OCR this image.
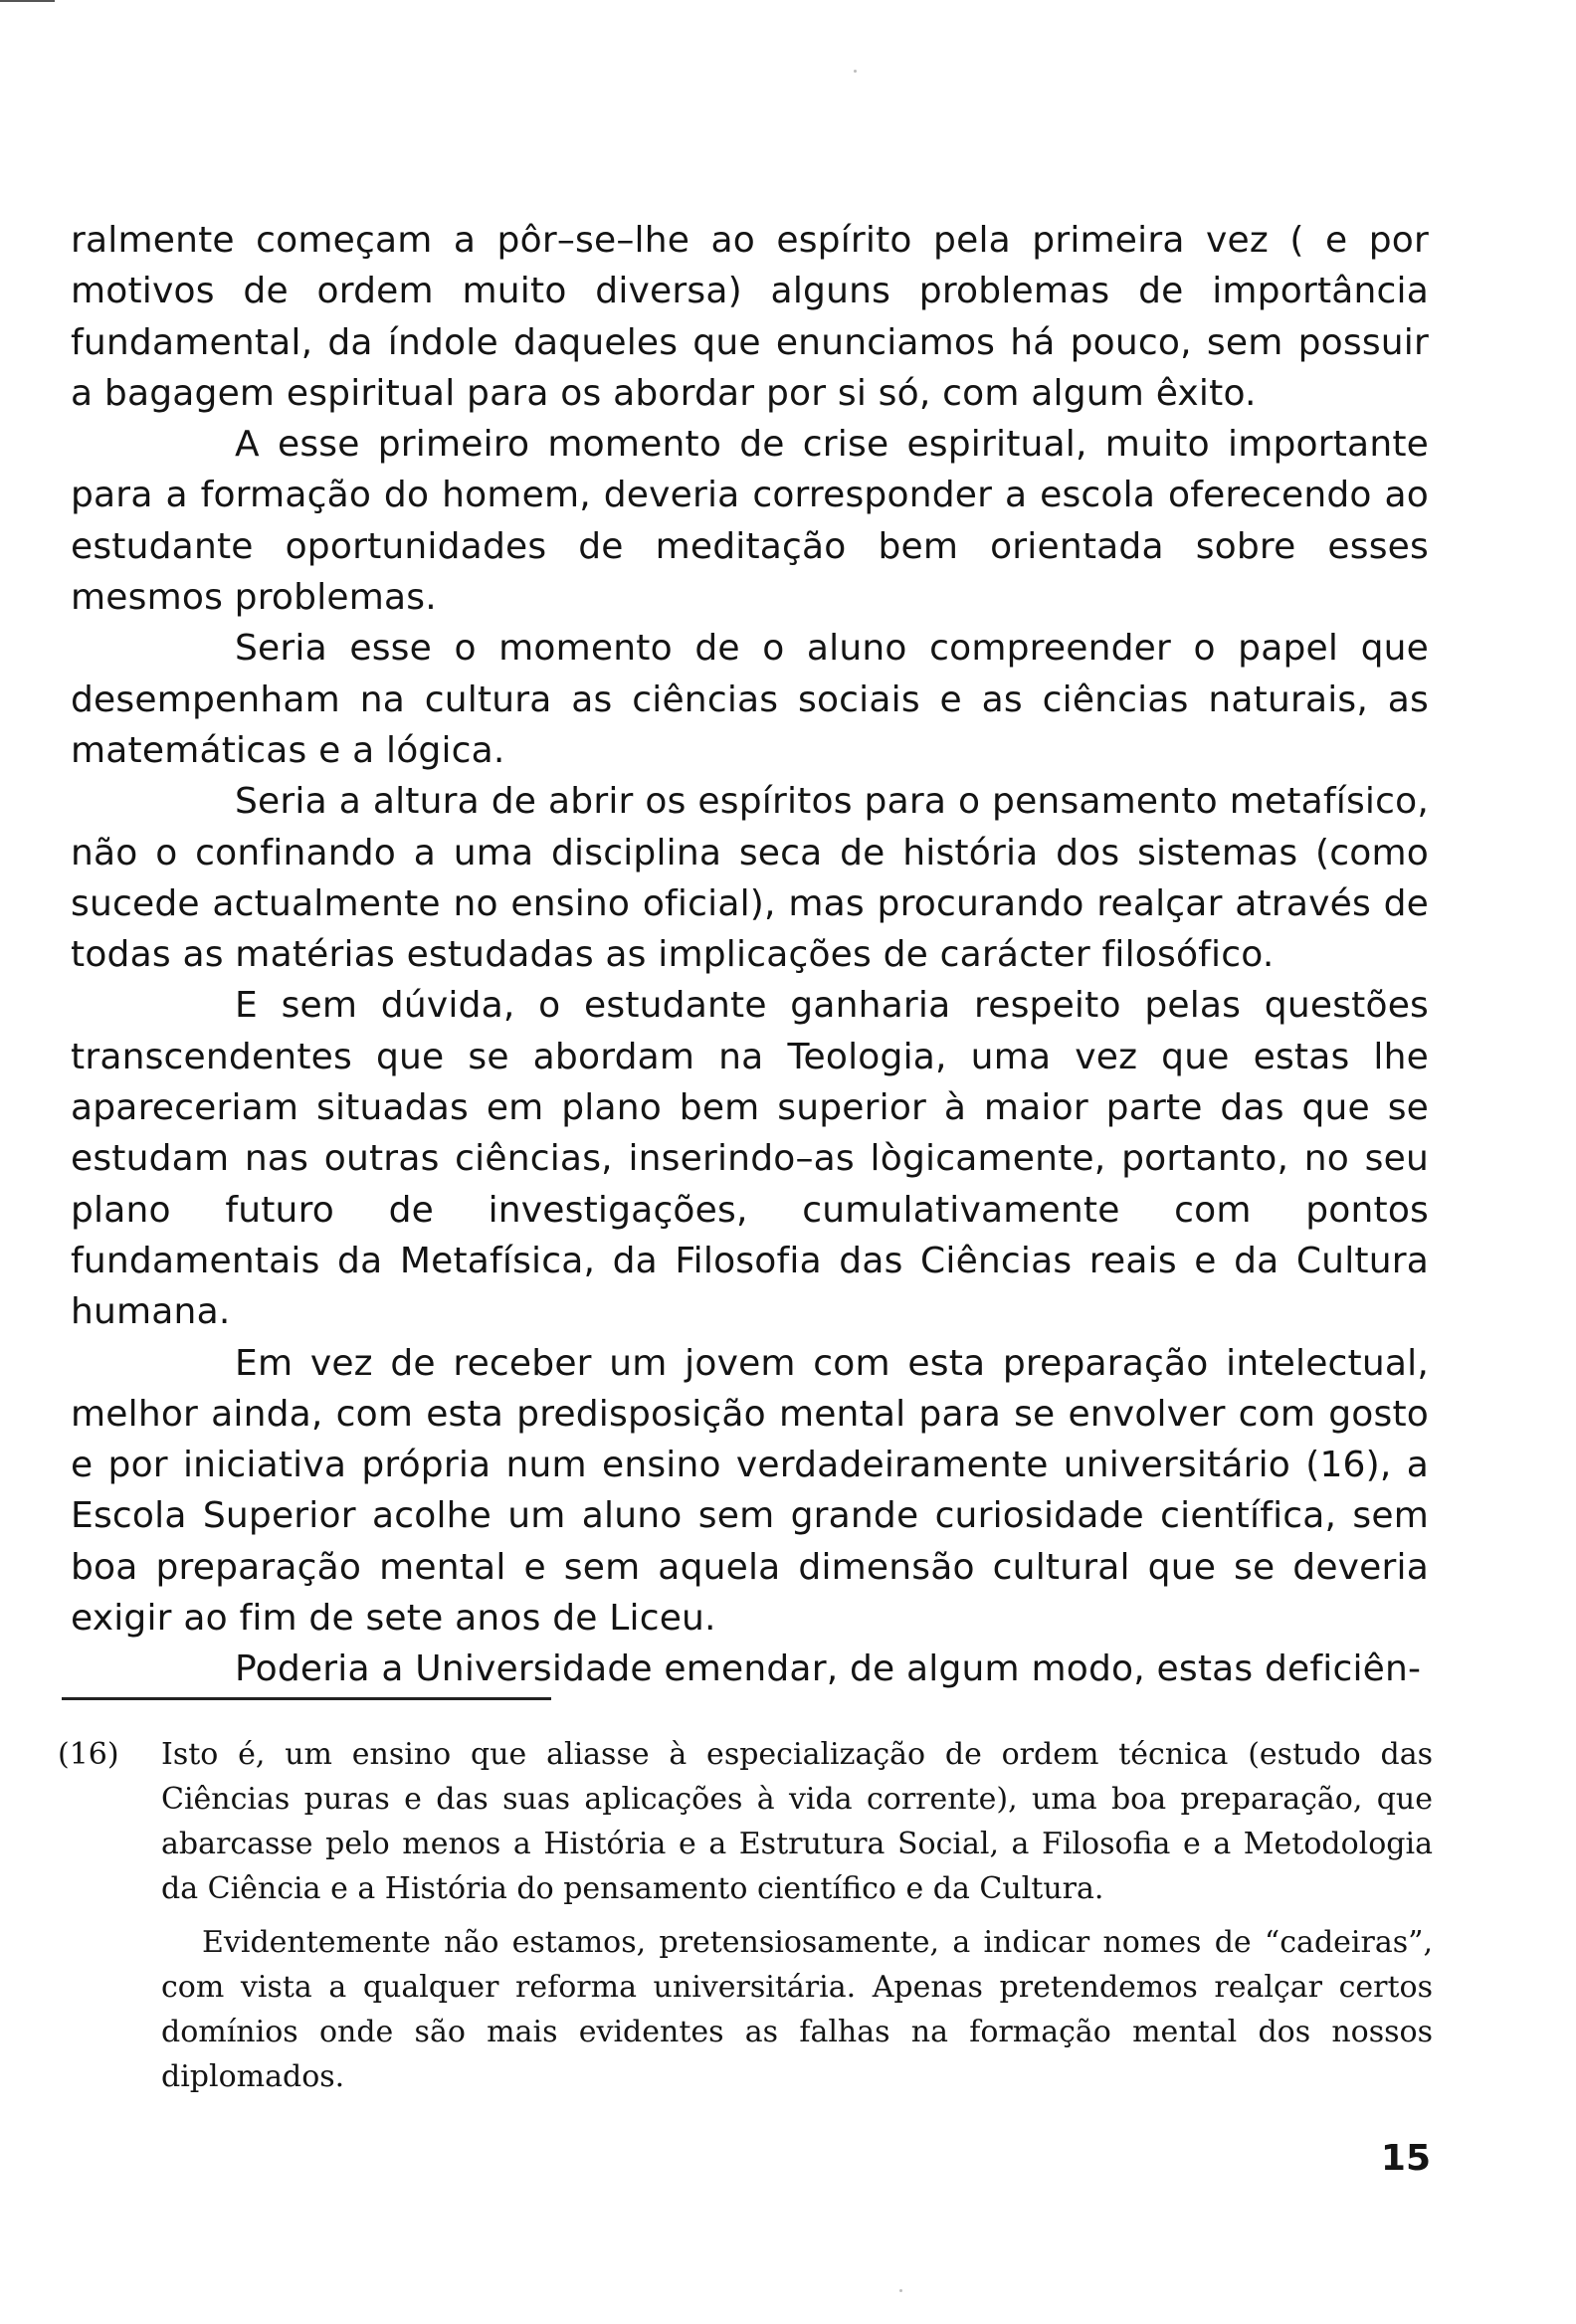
ralmente começam a pôr–se–lhe ao espírito pela primeira vez ( e por motivos de ordem muito diversa) alguns problemas de importância fundamental, da índole daqueles que enunciamos há pouco, sem possuir a bagagem espiritual para os abordar por si só, com algum êxito.

A esse primeiro momento de crise espiritual, muito importante para a formação do homem, deveria corresponder a escola oferecendo ao estudante oportunidades de meditação bem orientada sobre esses mesmos problemas.

Seria esse o momento de o aluno compreender o papel que desempenham na cultura as ciências sociais e as ciências naturais, as matemáticas e a lógica.

Seria a altura de abrir os espíritos para o pensamento metafísico, não o confinando a uma disciplina seca de história dos sistemas (como sucede actualmente no ensino oficial), mas procurando realçar através de todas as matérias estudadas as implicações de carácter filosófico.

E sem dúvida, o estudante ganharia respeito pelas questões transcendentes que se abordam na Teologia, uma vez que estas lhe apareceriam situadas em plano bem superior à maior parte das que se estudam nas outras ciências, inserindo–as lògicamente, portanto, no seu plano futuro de investigações, cumulativamente com pontos fundamentais da Metafísica, da Filosofia das Ciências reais e da Cultura humana.

Em vez de receber um jovem com esta preparação intelectual, melhor ainda, com esta predisposição mental para se envolver com gosto e por iniciativa própria num ensino verdadeiramente universitário (16), a Escola Superior acolhe um aluno sem grande curiosidade científica, sem boa preparação mental e sem aquela dimensão cultural que se deveria exigir ao fim de sete anos de Liceu.

Poderia a Universidade emendar, de algum modo, estas deficiên-

(16) Isto é, um ensino que aliasse à especialização de ordem técnica (estudo das Ciências puras e das suas aplicações à vida corrente), uma boa preparação, que abarcasse pelo menos a História e a Estrutura Social, a Filosofia e a Metodologia da Ciência e a História do pensamento científico e da Cultura.

Evidentemente não estamos, pretensiosamente, a indicar nomes de “cadeiras”, com vista a qualquer reforma universitária. Apenas pretendemos realçar certos domínios onde são mais evidentes as falhas na formação mental dos nossos diplomados.

15
